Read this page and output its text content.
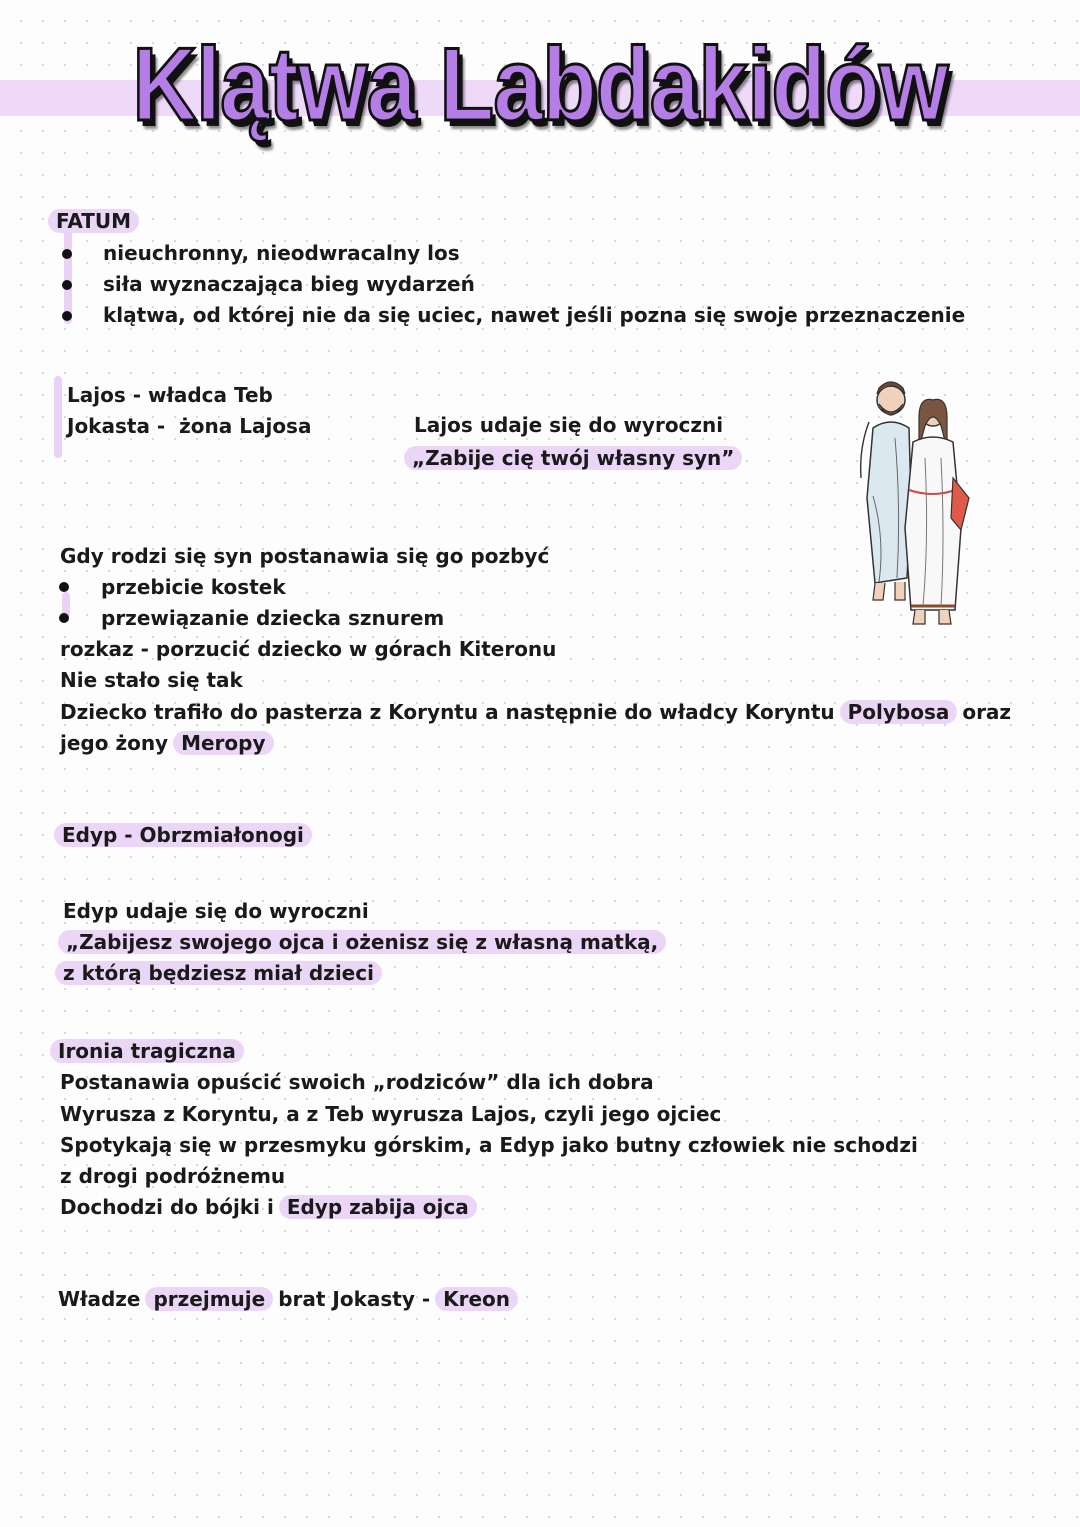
Klątwa Labdakidów
FATUM
nieuchronny, nieodwracalny los
siła wyznaczająca bieg wydarzeń
klątwa, od której nie da się uciec, nawet jeśli pozna się swoje przeznaczenie
Lajos - władca Teb
Jokasta - żona Lajosa	Lajos udaje się do wyroczni
„Zabije cię twój własny syn”
Gdy rodzi się syn postanawia się go pozbyć
przebicie kostek
przewiązanie dziecka sznurem
rozkaz - porzucić dziecko w górach Kiteronu
Nie stało się tak
Dziecko trafiło do pasterza z Koryntu a następnie do władcy Koryntu Polybosa oraz
jego żony Meropy
Edyp - Obrzmiałonogi
Edyp udaje się do wyroczni
„Zabijesz swojego ojca i ożenisz się z własną matką,
z którą będziesz miał dzieci
Ironia tragiczna
Postanawia opuścić swoich „rodziców” dla ich dobra
Wyrusza z Koryntu, a z Teb wyrusza Lajos, czyli jego ojciec
Spotykają się w przesmyku górskim, a Edyp jako butny człowiek nie schodzi
z drogi podróżnemu
Dochodzi do bójki i Edyp zabija ojca
Władze przejmuje brat Jokasty - Kreon
